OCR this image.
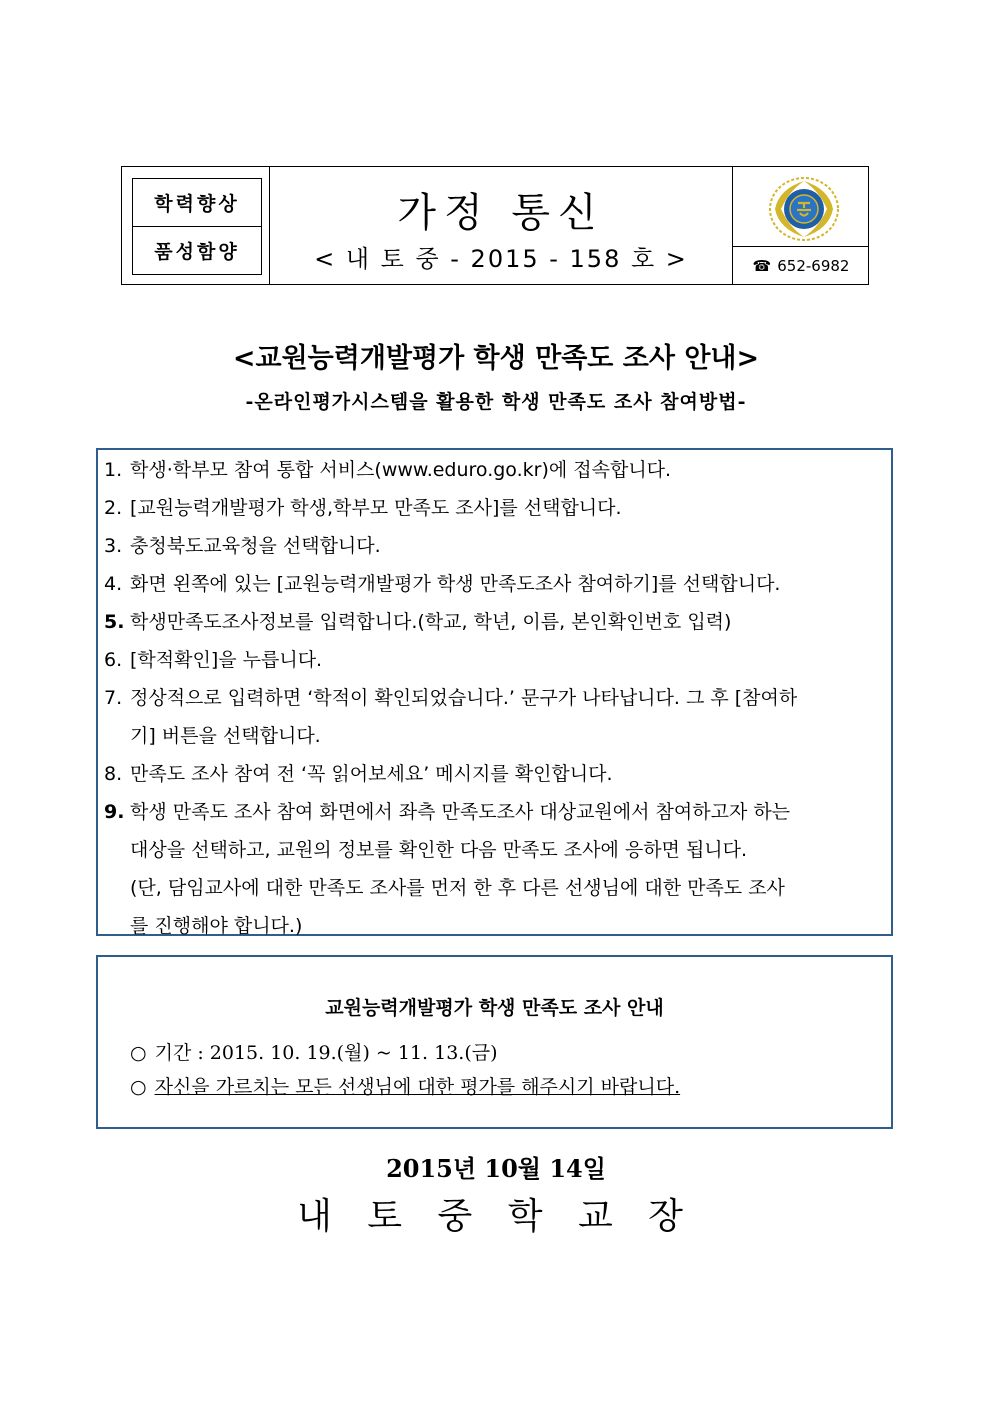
학력향상
품성함양
가정 통신
< 내 토 중 - 2015 - 158 호 >	☎ 652-6982
<교원능력개발평가 학생 만족도 조사 안내>
-온라인평가시스템을 활용한 학생 만족도 조사 참여방법-
1. 학생·학부모 참여 통합 서비스(www.eduro.go.kr)에 접속합니다.
2. [교원능력개발평가 학생,학부모 만족도 조사]를 선택합니다.
3. 충청북도교육청을 선택합니다.
4. 화면 왼쪽에 있는 [교원능력개발평가 학생 만족도조사 참여하기]를 선택합니다.
5. 학생만족도조사정보를 입력합니다.(학교, 학년, 이름, 본인확인번호 입력)
6. [학적확인]을 누릅니다.
7. 정상적으로 입력하면 ‘학적이 확인되었습니다.’ 문구가 나타납니다. 그 후 [참여하
기] 버튼을 선택합니다.
8. 만족도 조사 참여 전 ‘꼭 읽어보세요’ 메시지를 확인합니다.
9. 학생 만족도 조사 참여 화면에서 좌측 만족도조사 대상교원에서 참여하고자 하는
대상을 선택하고, 교원의 정보를 확인한 다음 만족도 조사에 응하면 됩니다.
(단, 담임교사에 대한 만족도 조사를 먼저 한 후 다른 선생님에 대한 만족도 조사
를 진행해야 합니다.)
교원능력개발평가 학생 만족도 조사 안내
○ 기간 : 2015. 10. 19.(월) ~ 11. 13.(금)
○ 자신을 가르치는 모든 선생님에 대한 평가를 해주시기 바랍니다.
2015년 10월 14일
내 토 중 학 교 장
